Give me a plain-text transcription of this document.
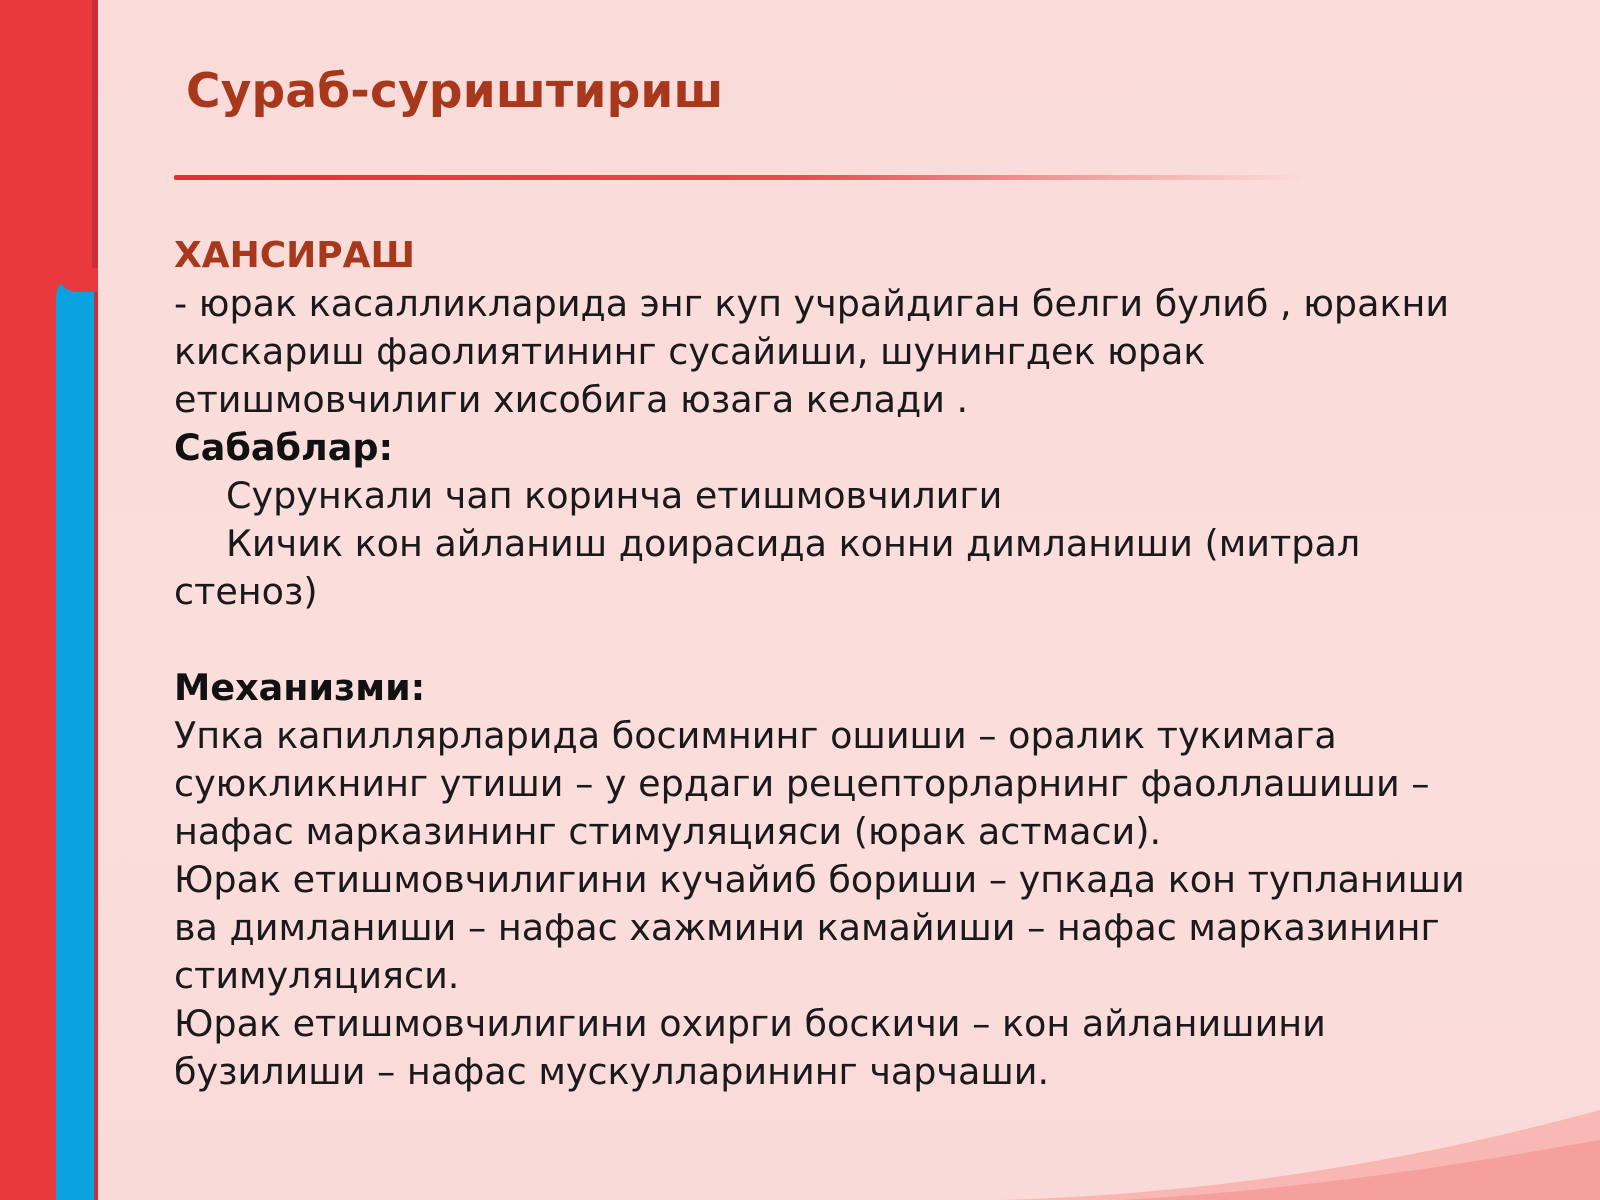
Сураб-суриштириш

ХАНСИРАШ

- юрак касалликларида энг куп учрайдиган белги булиб , юракни кискариш фаолиятининг сусайиши, шунингдек юрак етишмовчилиги хисобига юзага келади .

Сабаблар:

Сурункали чап коринча етишмовчилиги

Кичик кон айланиш доирасида конни димланиши (митрал стеноз)

Механизми:

Упка капиллярларида босимнинг ошиши – оралик тукимага суюкликнинг утиши – у ердаги рецепторларнинг фаоллашиши – нафас марказининг стимуляцияси (юрак астмаси).

Юрак етишмовчилигини кучайиб бориши – упкада кон тупланиши ва димланиши – нафас хажмини камайиши – нафас марказининг стимуляцияси.

Юрак етишмовчилигини охирги боскичи – кон айланишини бузилиши – нафас мускулларининг чарчаши.
